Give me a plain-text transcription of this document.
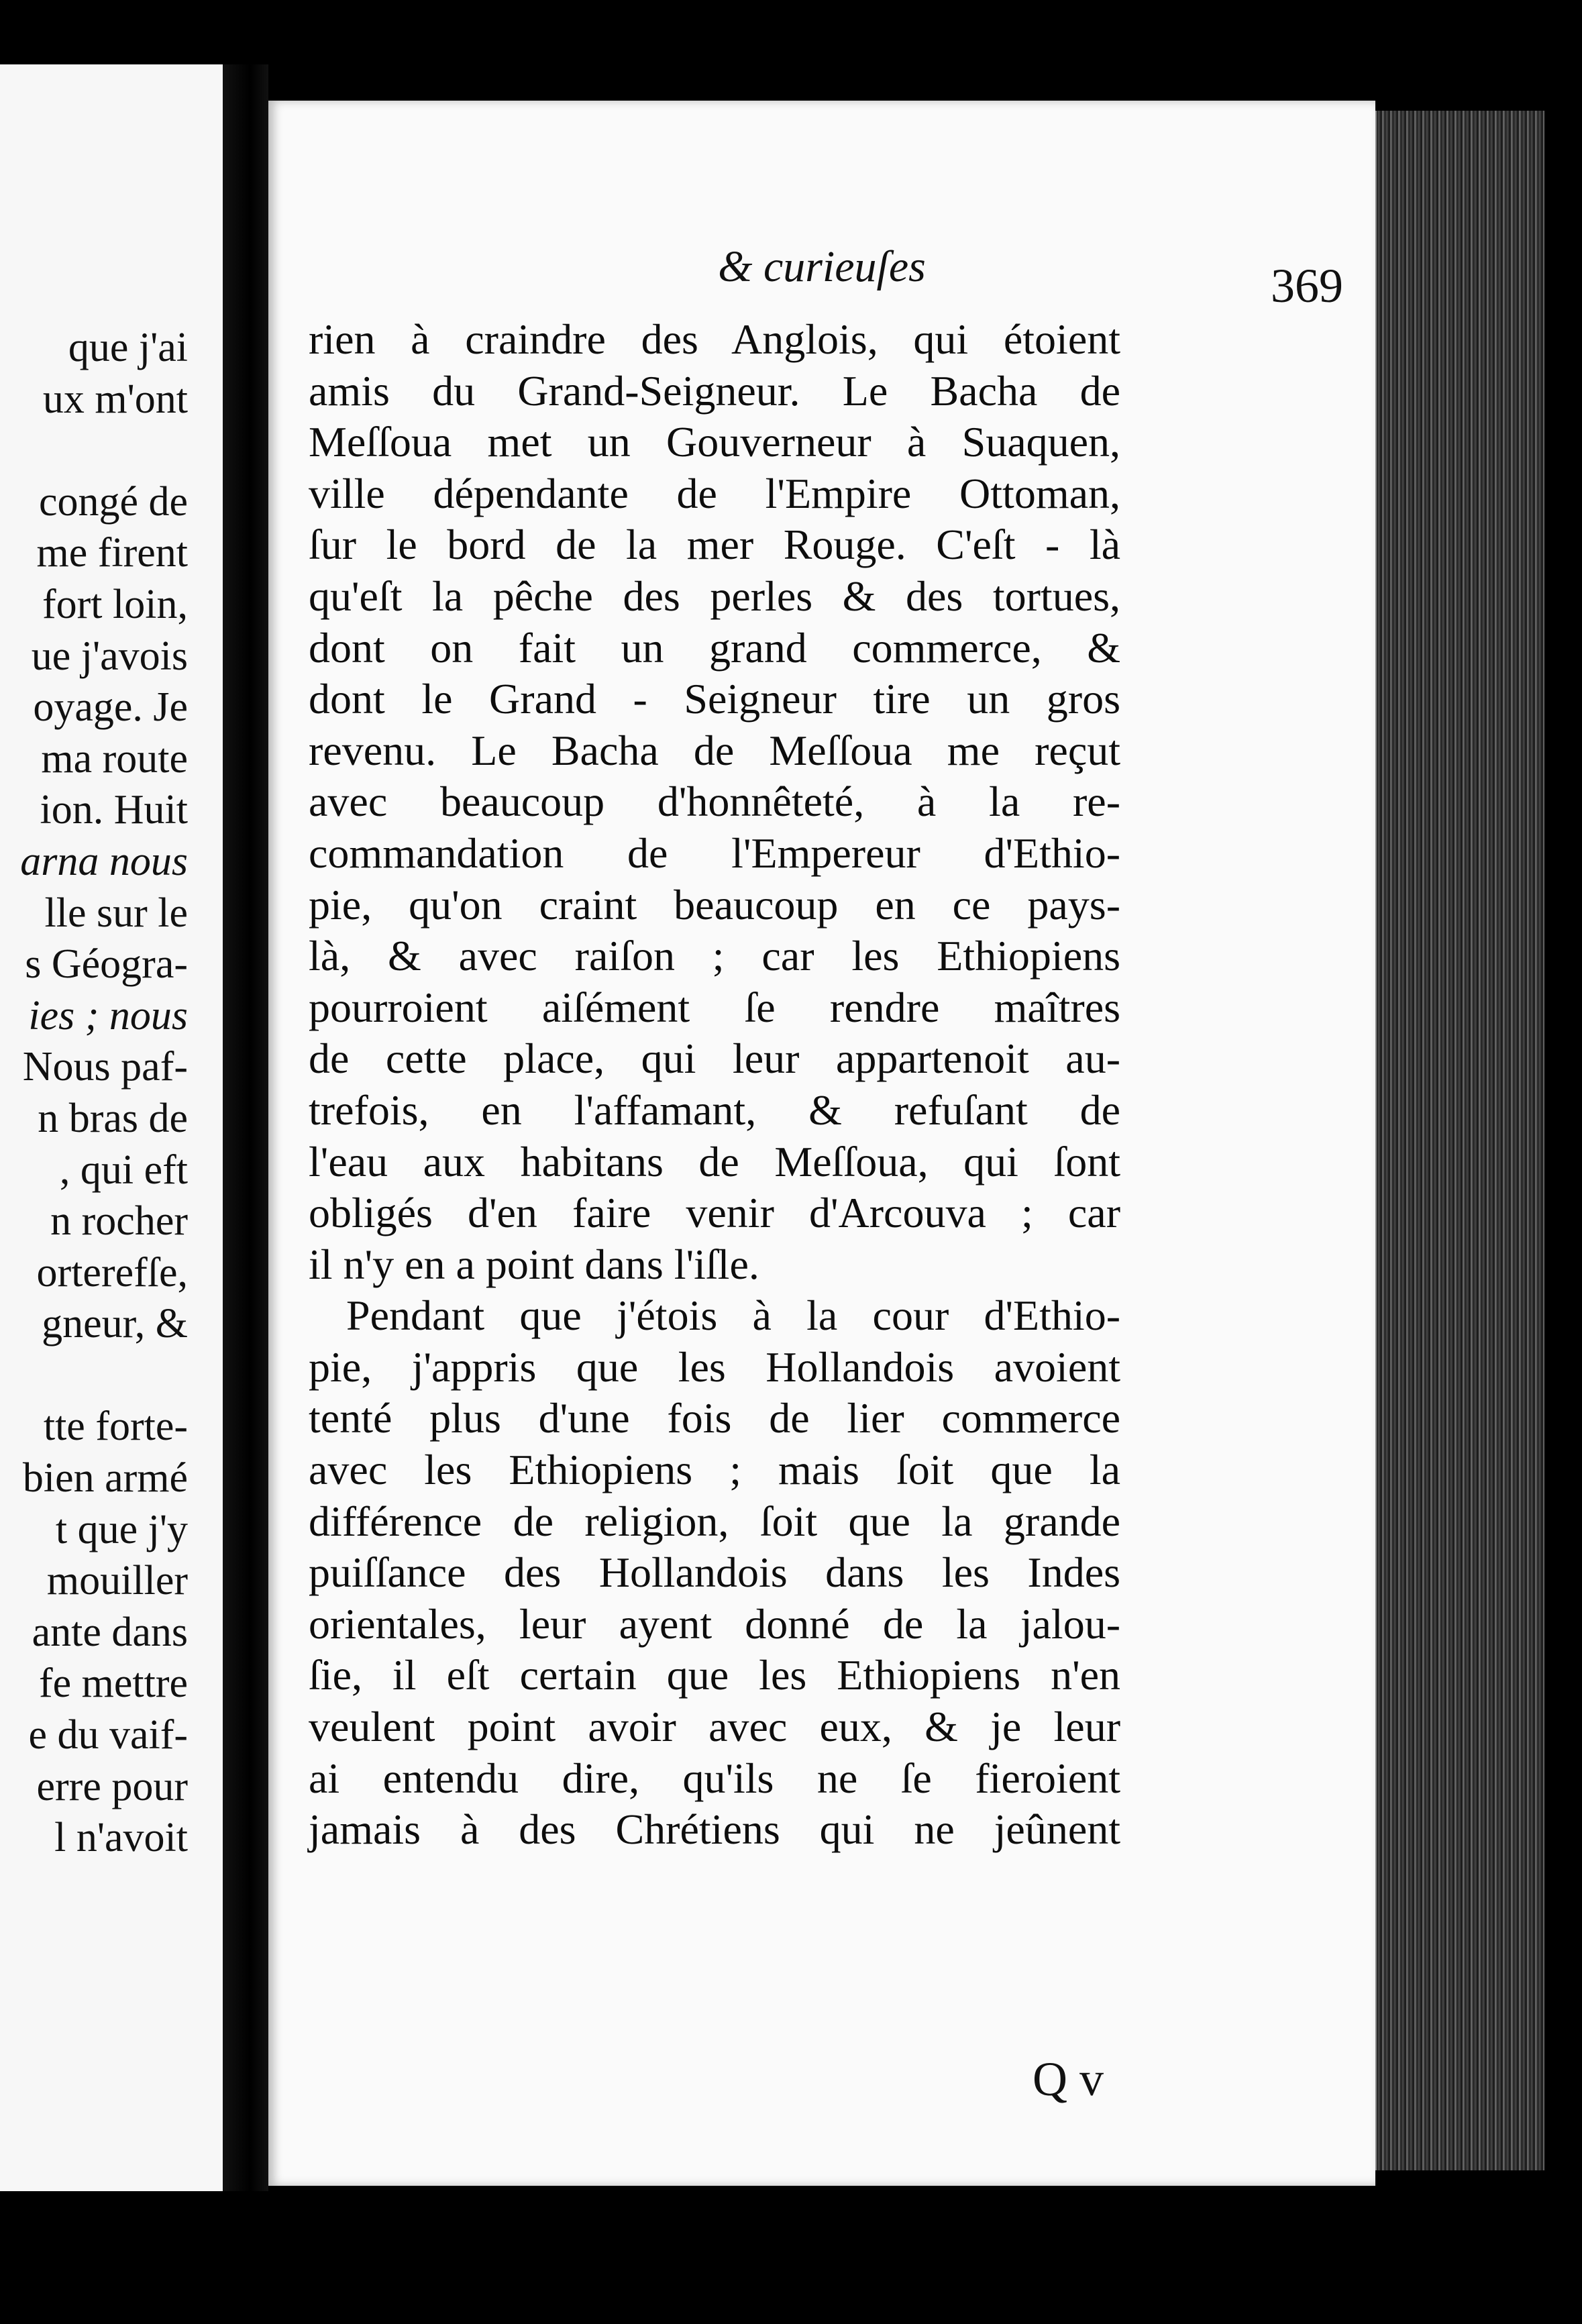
que j'ai
ux m'ont

congé de
me firent
fort loin,
ue j'avois
oyage. Je
ma route
ion. Huit
arna nous
lle sur le
s Géogra-
ies ; nous
Nous paf-
n bras de
, qui eft
n rocher
orterefſe,
gneur, &
tte forte-
bien armé
t que j'y
mouiller
ante dans
fe mettre
e du vaif-
erre pour
l n'avoit
& curieuſes	369
rien à craindre des Anglois, qui étoient
amis du Grand-Seigneur. Le Bacha de
Meſſoua met un Gouverneur à Suaquen,
ville dépendante de l'Empire Ottoman,
ſur le bord de la mer Rouge. C'eſt - là
qu'eſt la pêche des perles & des tortues,
dont on fait un grand commerce, &
dont le Grand - Seigneur tire un gros
revenu. Le Bacha de Meſſoua me reçut
avec beaucoup d'honnêteté, à la re-
commandation de l'Empereur d'Ethio-
pie, qu'on craint beaucoup en ce pays-
là, & avec raiſon ; car les Ethiopiens
pourroient aiſément ſe rendre maîtres
de cette place, qui leur appartenoit au-
trefois, en l'affamant, & refuſant de
l'eau aux habitans de Meſſoua, qui ſont
obligés d'en faire venir d'Arcouva ; car
il n'y en a point dans l'iſle.
Pendant que j'étois à la cour d'Ethio-
pie, j'appris que les Hollandois avoient
tenté plus d'une fois de lier commerce
avec les Ethiopiens ; mais ſoit que la
différence de religion, ſoit que la grande
puiſſance des Hollandois dans les Indes
orientales, leur ayent donné de la jalou-
ſie, il eſt certain que les Ethiopiens n'en
veulent point avoir avec eux, & je leur
ai entendu dire, qu'ils ne ſe fieroient
jamais à des Chrétiens qui ne jeûnent
Q v
